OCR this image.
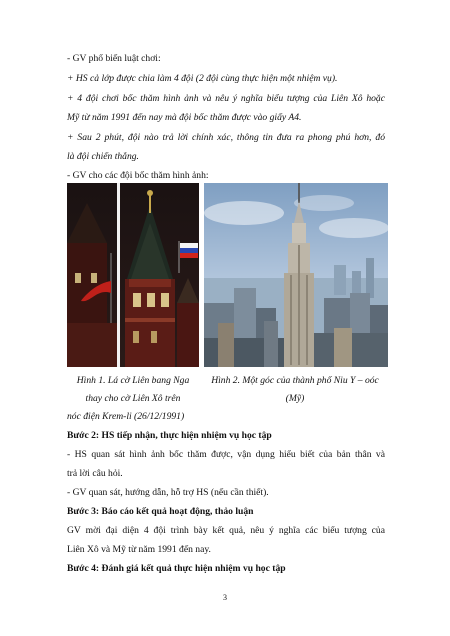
- GV phổ biến luật chơi:
+ HS cả lớp được chia làm 4 đội (2 đội cùng thực hiện một nhiệm vụ).
+ 4 đội chơi bốc thăm hình ảnh và nêu ý nghĩa biểu tượng của Liên Xô hoặc
Mỹ từ năm 1991 đến nay mà đội bốc thăm được vào giấy A4.
+ Sau 2 phút, đội nào trả lời chính xác, thông tin đưa ra phong phú hơn, đó
là đội chiến thắng.
- GV cho các đội bốc thăm hình ảnh:
Hình 1. Lá cờ Liên bang Nga
thay cho cờ Liên Xô trên
nóc điện Krem-li (26/12/1991)
Hình 2. Một góc của thành phố Niu Y – oóc
(Mỹ)
Bước 2: HS tiếp nhận, thực hiện nhiệm vụ học tập
- HS quan sát hình ảnh bốc thăm được, vận dụng hiểu biết của bản thân và
trả lời câu hỏi.
- GV quan sát, hướng dẫn, hỗ trợ HS (nếu cần thiết).
Bước 3: Báo cáo kết quả hoạt động, thảo luận
GV mời đại diện 4 đội trình bày kết quả, nêu ý nghĩa các biểu tượng của
Liên Xô và Mỹ từ năm 1991 đến nay.
Bước 4: Đánh giá kết quả thực hiện nhiệm vụ học tập
3
